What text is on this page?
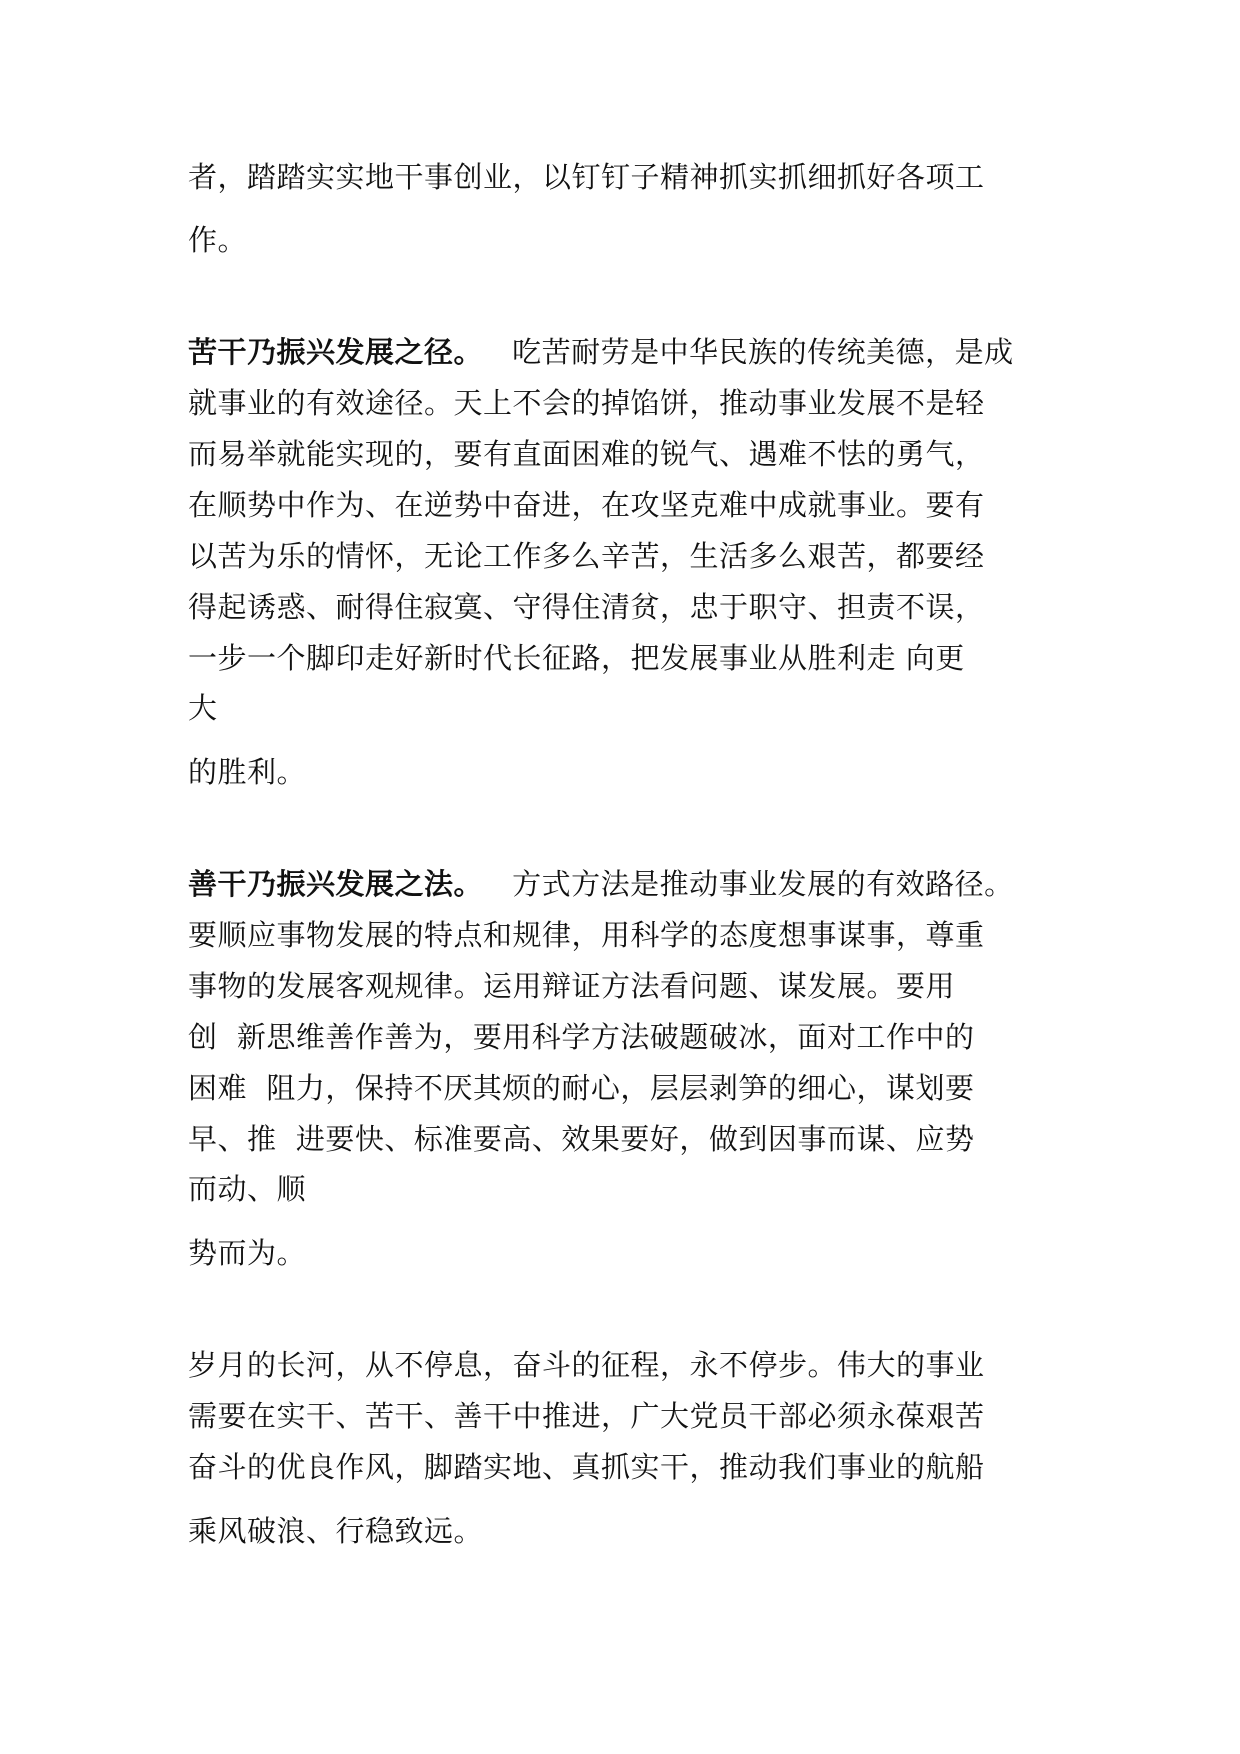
者，踏踏实实地干事创业，以钉钉子精神抓实抓细抓好各项工
作。
苦干乃振兴发展之径。 吃苦耐劳是中华民族的传统美德，是成
就事业的有效途径。天上不会的掉馅饼，推动事业发展不是轻
而易举就能实现的，要有直面困难的锐气、遇难不怯的勇气，
在顺势中作为、在逆势中奋进，在攻坚克难中成就事业。要有
以苦为乐的情怀，无论工作多么辛苦，生活多么艰苦，都要经
得起诱惑、耐得住寂寞、守得住清贫，忠于职守、担责不误，
一步一个脚印走好新时代长征路，把发展事业从胜利走 向更
大
的胜利。
善干乃振兴发展之法。 方式方法是推动事业发展的有效路径。
要顺应事物发展的特点和规律，用科学的态度想事谋事，尊重
事物的发展客观规律。运用辩证方法看问题、谋发展。要用
创  新思维善作善为，要用科学方法破题破冰，面对工作中的
困难  阻力，保持不厌其烦的耐心，层层剥笋的细心，谋划要
早、推  进要快、标准要高、效果要好，做到因事而谋、应势
而动、顺
势而为。
岁月的长河，从不停息，奋斗的征程，永不停步。伟大的事业
需要在实干、苦干、善干中推进，广大党员干部必须永葆艰苦
奋斗的优良作风，脚踏实地、真抓实干，推动我们事业的航船
乘风破浪、行稳致远。
